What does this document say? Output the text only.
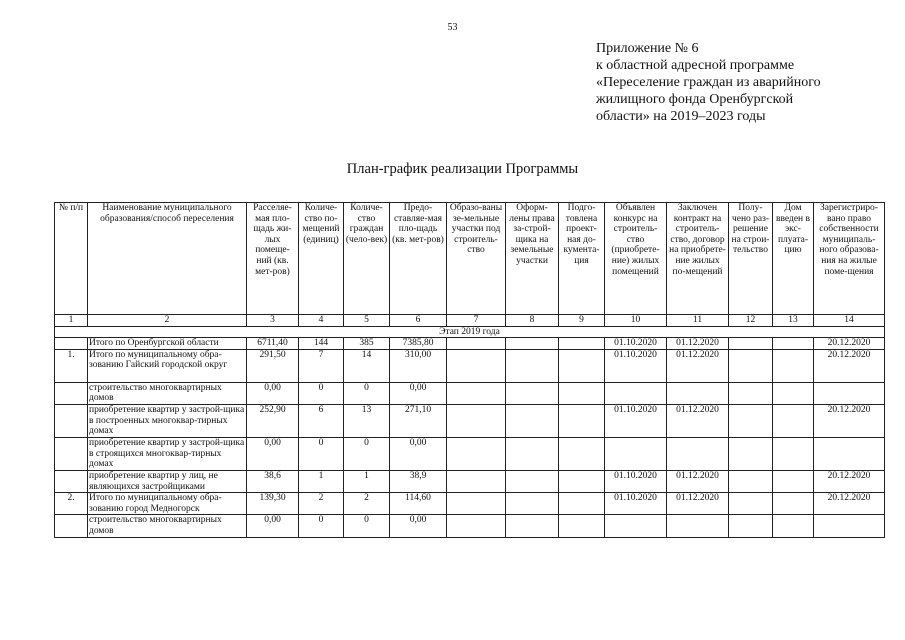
53
Приложение № 6
к областной адресной программе
«Переселение граждан из аварийного
жилищного фонда Оренбургской
области» на 2019–2023 годы
План-график реализации Программы
№ п/п	Наименование муниципального образования/способ переселения	Расселяе-мая пло-щадь жи-лых помеще-ний (кв. мет-ров)	Количе-ство по-мещений (единиц)	Количе-ство граждан (чело-век)	Предо-ставляе-мая пло-щадь (кв. мет-ров)	Образо-ваны зе-мельные участки под строитель-ство	Оформ-лены права за-строй-щика на земельные участки	Подго-товлена проект-ная до-кумента-ция	Объявлен конкурс на строитель-ство (приобрете-ние) жилых помещений	Заключен контракт на строитель-ство, договор на приобрете-ние жилых по-мещений	Полу-чено раз-решение на строи-тельство	Дом введен в экс-плуата-цию	Зарегистриро-вано право собственности муниципаль-ного образова-ния на жилые поме-щения
1	2	3	4	5	6	7	8	9	10	11	12	13	14
Этап 2019 года													
	Итого по Оренбургской области	6711,40	144	385	7385,80				01.10.2020	01.12.2020			20.12.2020
1.	Итого по муниципальному обра-зованию Гайский городской округ	291,50	7	14	310,00				01.10.2020	01.12.2020			20.12.2020
	строительство многоквартирных домов	0,00	0	0	0,00								
	приобретение квартир у застрой-щика в построенных многоквар-тирных домах	252,90	6	13	271,10				01.10.2020	01.12.2020			20.12.2020
	приобретение квартир у застрой-щика в строящихся многоквар-тирных домах	0,00	0	0	0,00								
	приобретение квартир у лиц, не являющихся застройщиками	38,6	1	1	38,9				01.10.2020	01.12.2020			20.12.2020
2.	Итого по муниципальному обра-зованию город Медногорск	139,30	2	2	114,60				01.10.2020	01.12.2020			20.12.2020
	строительство многоквартирных домов	0,00	0	0	0,00								
